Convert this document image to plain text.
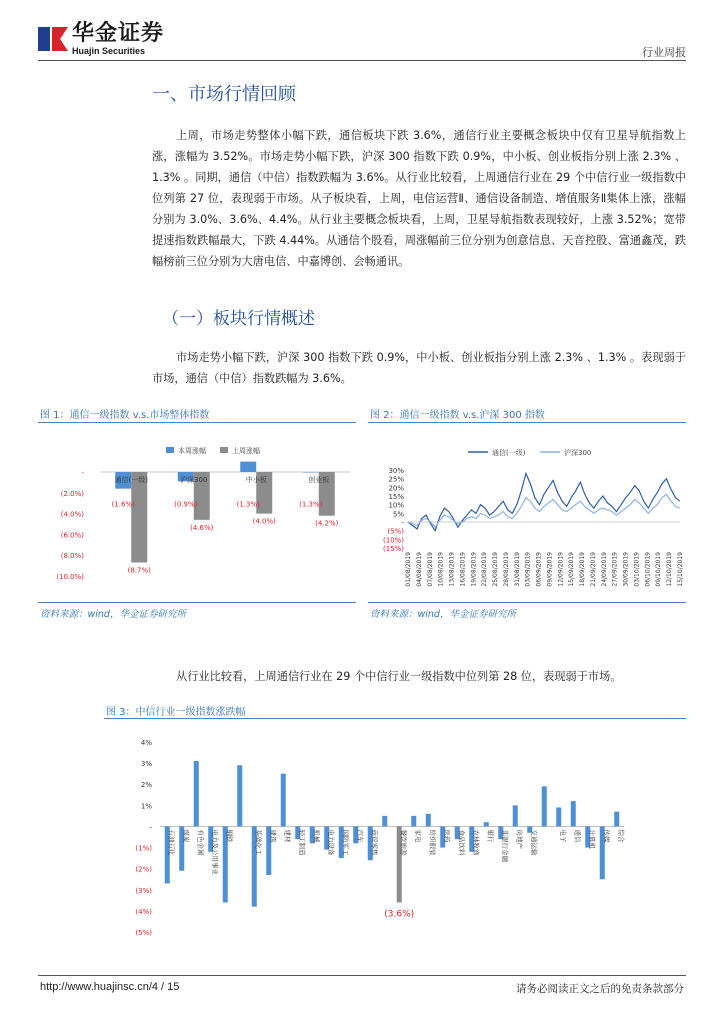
华金证券
Huajin Securities	行业周报
一、市场行情回顾
上周，市场走势整体小幅下跌，通信板块下跌 3.6%，通信行业主要概念板块中仅有卫星导航指数上涨，涨幅为 3.52%。市场走势小幅下跌，沪深 300 指数下跌 0.9%，中小板、创业板指分别上涨 2.3% 、1.3% 。同期，通信（中信）指数跌幅为 3.6%。从行业比较看，上周通信行业在 29 个中信行业一级指数中位列第 27 位，表现弱于市场。从子板块看，上周，电信运营Ⅱ、通信设备制造、增值服务Ⅱ集体上涨，涨幅分别为 3.0%、3.6%、4.4%。从行业主要概念板块看，上周，卫星导航指数表现较好，上涨 3.52%；宽带提速指数跌幅最大，下跌 4.44%。从通信个股看，周涨幅前三位分别为创意信息、天音控股、富通鑫茂，跌幅榜前三位分别为大唐电信、中嘉博创、会畅通讯。
（一）板块行情概述
市场走势小幅下跌，沪深 300 指数下跌 0.9%，中小板、创业板指分别上涨 2.3% 、1.3% 。表现弱于市场，通信（中信）指数跌幅为 3.6%。
图 1：通信一级指数 v.s.市场整体指数
本周涨幅	上周涨幅
-
(2.0%)
(4.0%)
(6.0%)
(8.0%)
(10.0%)
通信(一级)
(1.6%)
(8.7%)
沪深300
(0.9%)
(4.6%)
中小板
(1.3%)
(4.0%)
创业板
(1.3%)
(4.2%)
资料来源：wind，华金证券研究所
图 2：通信一级指数 v.s.沪深 300 指数
通信(一级)	沪深300
30%
25%
20%
15%
10%
5%
-
(5%)
(10%)
(15%)
01/08/2019 04/08/2019 07/08/2019 10/08/2019 13/08/2019 16/08/2019 19/08/2019 22/08/2019 25/08/2019 28/08/2019 31/08/2019 03/09/2019 06/09/2019 09/09/2019 12/09/2019 15/09/2019 18/09/2019 21/09/2019 24/09/2019 27/09/2019 30/09/2019 03/10/2019 06/10/2019 09/10/2019 12/10/2019 15/10/2019
资料来源：wind，华金证券研究所
从行业比较看，上周通信行业在 29 个中信行业一级指数中位列第 28 位，表现弱于市场。
图 3：中信行业一级指数涨跌幅
4%
3%
2%
1%
-
(1%)
(2%)
(3%)
(4%)
(5%)
石油石化 煤炭 有色金属 电力及公用事业 钢铁	基础化工 建筑 建材 轻工制造 机械 电力设备 国防军工 汽车 商贸零售	餐饮旅游 家电 纺织服装 医药 食品饮料 农林牧渔 银行 非银行金融 房地产 交通运输	电子 通信 计算机 传媒 综合
(3.6%)
http://www.huajinsc.cn/4 / 15	请务必阅读正文之后的免责条款部分
